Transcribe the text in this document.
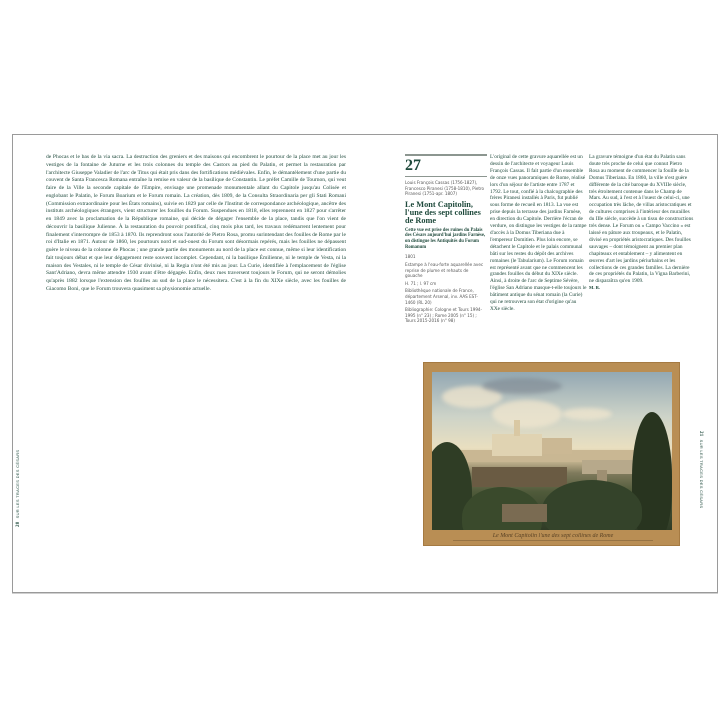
de Phocas et le bas de la via sacra. La destruction des greniers et des maisons qui encombrent le pourtour de la place met au jour les vestiges de la fontaine de Juturne et les trois colonnes du temple des Castors au pied du Palatin, et permet la restauration par l'architecte Giuseppe Valadier de l'arc de Titus qui était pris dans des fortifications médiévales. Enfin, le démantèlement d'une partie du couvent de Santa Francesca Romana entraîne la remise en valeur de la basilique de Constantin. Le préfet Camille de Tournon, qui veut faire de la Ville la seconde capitale de l'Empire, envisage une promenade monumentale allant du Capitole jusqu'au Colisée et englobant le Palatin, le Forum Boarium et le Forum romain. La création, dès 1809, de la Consulta Straordinaria per gli Stati Romani (Commission extraordinaire pour les États romains), suivie en 1829 par celle de l'Institut de correspondance archéologique, ancêtre des instituts archéologiques étrangers, vient structurer les fouilles du Forum. Suspendues en 1818, elles reprennent en 1827 pour s'arrêter en 1849 avec la proclamation de la République romaine, qui décide de dégager l'ensemble de la place, tandis que l'on vient de découvrir la basilique Julienne. À la restauration du pouvoir pontifical, cinq mois plus tard, les travaux redémarrent lentement pour finalement s'interrompre de 1853 à 1870. Ils reprendront sous l'autorité de Pietro Rosa, promu surintendant des fouilles de Rome par le roi d'Italie en 1871. Autour de 1860, les pourtours nord et sud-ouest du Forum sont désormais repérés, mais les fouilles ne dépassent guère le niveau de la colonne de Phocas ; une grande partie des monuments au nord de la place est connue, même si leur identification fait toujours débat et que leur dégagement reste souvent incomplet. Cependant, ni la basilique Émilienne, ni le temple de Vesta, ni la maison des Vestales, ni le temple de César divinisé, ni la Regia n'ont été mis au jour. La Curie, identifiée à l'emplacement de l'église Sant'Adriano, devra même attendre 1930 avant d'être dégagée. Enfin, deux rues traversent toujours le Forum, qui ne seront démolies qu'après 1882 lorsque l'extension des fouilles au sud de la place le nécessitera. C'est à la fin du XIXe siècle, avec les fouilles de Giacomo Boni, que le Forum trouvera quasiment sa physionomie actuelle.

20SUR LES TRACES DES CÉSARS
27
Louis François Cassas (1756-1827), Francesco Piranesi (1758-1810), Pietro Piranesi (1751-apr. 1807)
Le Mont Capitolin, l'une des sept collines de Rome
Cette vue est prise des ruines du Palais des Césars aujourd'hui jardins Farnèse, on distingue les Antiquités du Forum Romanum

1801

Estampe à l'eau-forte aquarellée avec reprise de plume et rehauts de gouache

H. 71 ; l. 97 cm

Bibliothèque nationale de France, département Arsenal, inv. AAS EST-1460 (RL 20)

Bibliographie: Cologne et Tours 1994-1995 (n° 23) ; Rome 2005 (n° 15) ; Tours 2015-2016 (n° 98)

L'original de cette gravure aquarellée est un dessin de l'architecte et voyageur Louis François Cassas. Il fait partie d'un ensemble de onze vues panoramiques de Rome, réalisé lors d'un séjour de l'artiste entre 1787 et 1792. Le tout, confié à la chalcographie des frères Piranesi installés à Paris, fut publié sous forme de recueil en 1813. La vue est prise depuis la terrasse des jardins Farnèse, en direction du Capitole. Derrière l'écran de verdure, on distingue les vestiges de la rampe d'accès à la Domus Tiberiana due à l'empereur Domitien. Plus loin encore, se détachent le Capitole et le palais communal bâti sur les restes du dépôt des archives romaines (le Tabularium). Le Forum romain est représenté avant que ne commencent les grandes fouilles du début du XIXe siècle. Ainsi, à droite de l'arc de Septime Sévère, l'église San Adriano masque-t-elle toujours le bâtiment antique du sénat romain (la Curie) qui ne retrouvera son état d'origine qu'au XXe siècle.

La gravure témoigne d'un état du Palatin sans doute très proche de celui que connut Pietro Rosa au moment de commencer la fouille de la Domus Tiberiana. En 1860, la ville n'est guère différente de la cité baroque du XVIIIe siècle, très étroitement contenue dans le Champ de Mars. Au sud, à l'est et à l'ouest de celui-ci, une occupation très lâche, de villas aristocratiques et de cultures comprises à l'intérieur des murailles du IIIe siècle, succède à un tissu de constructions très dense. Le Forum ou « Campo Vaccino » est laissé en pâture aux troupeaux, et le Palatin, divisé en propriétés aristocratiques. Des fouilles sauvages – dont témoignent au premier plan chapiteaux et entablement – y alimentent en œuvres d'art les jardins périurbains et les collections de ces grandes familles. La dernière de ces propriétés du Palatin, la Vigna Barberini, ne disparaîtra qu'en 1909.

M. R.

Le Mont Capitolin l'une des sept collines de Rome
21SUR LES TRACES DES CÉSARS
